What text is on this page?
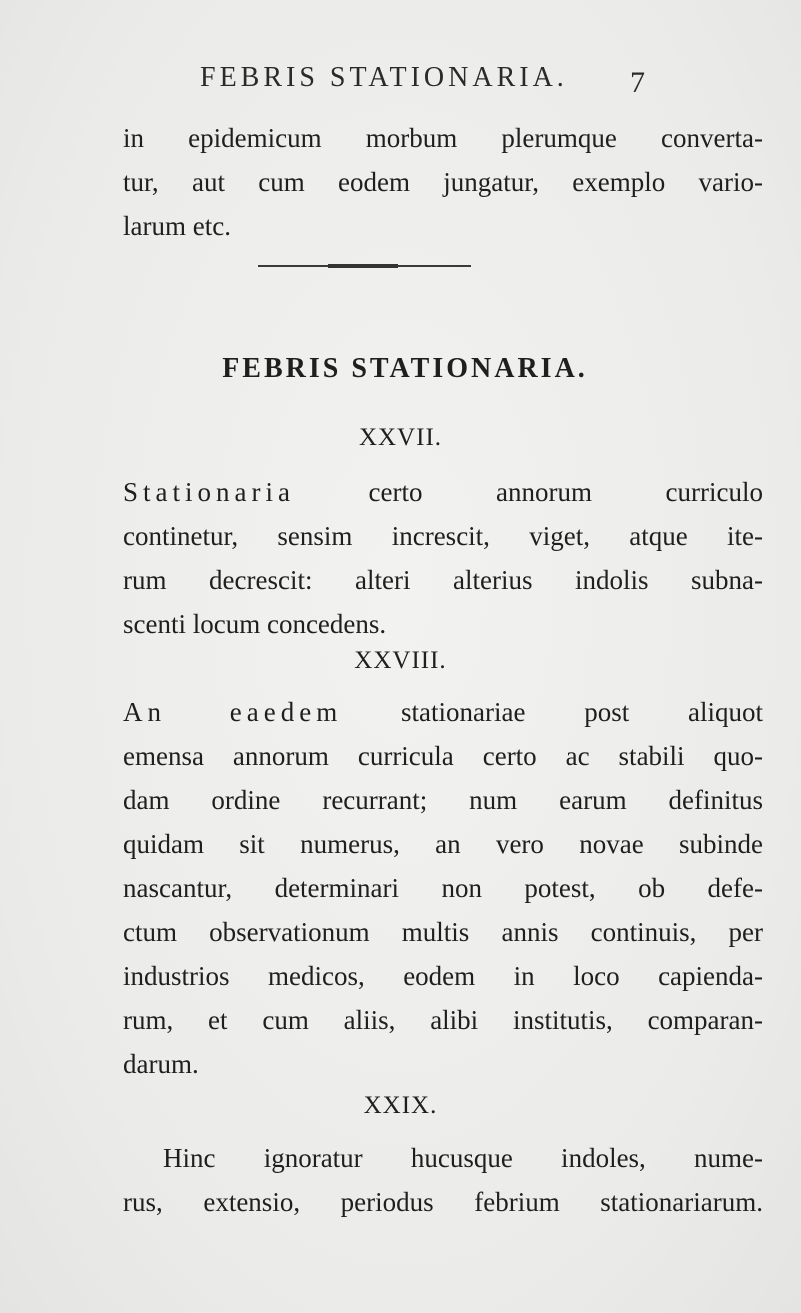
FEBRIS STATIONARIA. 7
in epidemicum morbum plerumque converta-
tur, aut cum eodem jungatur, exemplo vario-
larum etc.
FEBRIS STATIONARIA.
XXVII.
Stationaria certo annorum curriculo
continetur, sensim increscit, viget, atque ite-
rum decrescit: alteri alterius indolis subna-
scenti locum concedens.
XXVIII.
An eaedem stationariae post aliquot
emensa annorum curricula certo ac stabili quo-
dam ordine recurrant; num earum definitus
quidam sit numerus, an vero novae subinde
nascantur, determinari non potest, ob defe-
ctum observationum multis annis continuis, per
industrios medicos, eodem in loco capienda-
rum, et cum aliis, alibi institutis, comparan-
darum.
XXIX.
Hinc ignoratur hucusque indoles, nume-
rus, extensio, periodus febrium stationariarum.
